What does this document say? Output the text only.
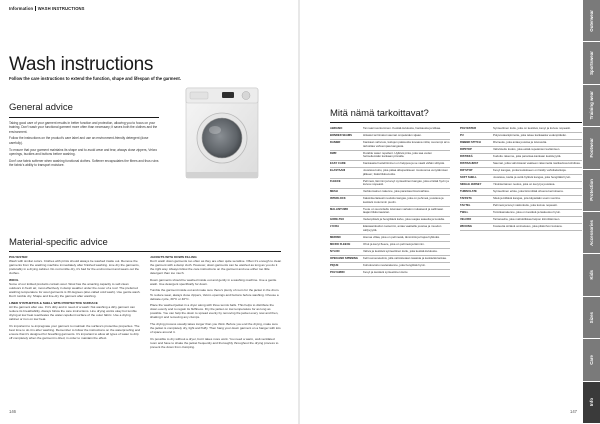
Information WASH INSTRUCTIONS
Wash instructions
Follow the care instructions to extend the function, shape and lifespan of the garment.
General advice

Taking good care of your garment results in better function and protection, allowing you to focus on your training. Don't wash your functional garment more often than necessary; it saves both the clothes and the environment.

Follow the instructions on the product's care label and use an environment-friendly detergent (dose carefully).

To ensure that your garment maintains its shape and to avoid wear and tear, always close zippers, Velcro openings, buckles and buttons before washing.

Don't use fabric softener when washing functional clothes. Softener encapsulates the fibres and thus ruins the fabric's ability to transport moisture.

Material-specific advice
POLYESTER
Wash with similar colors. Clothes with prints should always be washed inside out. Remove the garments from the washing machine immediately after finished washing. Line dry the garments, preferably in a drying cabinet. Do not tumble dry, it's bad for the environment and wears out the clothes.
WOOL
Some of our knitted products contain wool. Wool has the amazing capacity to self-clean outdoors in fresh air, most effectively in damp weather under the cover of a roof. The preferred washing temperature for wool garments is 30 degrees (also called cold wash). Use gentle wash. Don't tumble dry. Shape and line-dry the garment after washing.
LINED SYNTHETICS & SHELL WITH PROTECTIVE SURFACE
Air the garment after use. If it's dirty and in need of a wash: Not washing a dirty garment can reduce its breathability. Always follow the care instructions. Line drying works okay but tumble drying at low heat reactivates the water-repellent surface of the outer fabric. Use a drying cabinet or iron on low heat.
It's important to re-impregnate your garment to maintain the surface's protective properties. The best time to do it is after washing. Remember to follow the instructions on the waterproofing and ensure that it's designed for breathing garments. It's important to allow all types of water to drip off completely when the garment is dried, in order to maintain the effect.
JACKETS WITH DOWN FILLING
Don't wash down garments too often as they are often quite sensitive. Often it's enough to clean the garment with a damp cloth. However, down garments can be washed as long as you do it the right way. Always follow the care instructions on the garment and use either too little detergent than too much.
Down garments should be washed inside out and gently in a washing machine. Use a gentle wash. Use detergent specifically for down.
Tumble the garment inside out and make sure there's plenty of room for the jacket in the drum. To reduce wear, always close zippers, Velcro openings and buttons before washing. Choose a delicate cycle, 30°C or 40°C.
Place the washed jacket in a dryer along with three tennis balls. This helps to distribute the down evenly and to regain its fluffiness. Dry the jacket on low temperature for as long as possible. You can help the down to spread evenly by removing the jacket every now and then, shaking it and removing any clumps.
The drying process usually takes longer than you think. Before you end the drying, make sure the jacket is completely dry, light and fluffy. Then hang your down garment on a hanger with lots of space around it.
It's possible to dry without a dryer, but it takes more work. You need a warm, well-ventilated room and have to shake the jacket frequently and thoroughly throughout the drying process to prevent the down from clumping.
146
Mitä nämä tarkoittavat?
ABRASIO	Tai naarmuuntuminen. Kestää kulutusta, hankausta ja kitkaa.
BONDED SEAMS	Hitsatut tai liimatut saumat ompeleiden sijaan.
DANIER	Kankaan vahvuus, kuitujen paksuutta kuvaava mitta; suurempi arvo tarkoittaa vahvempaa kangasta.
DWR	Durable water repellent. Hylkivä pinta, joka saa veden helmeilemään kankaan pinnalla.
EASY CARE	Kankaasta huolehtiminen on helppoa ja se vaatii vähän silitystä.
ELASTAANI	Joustava kuitu, joka palaa alkuperäiseen muotoonsa venyttämisen jälkeen; lisää liikkuvuutta.
FLEECE	Pehmeä, lämmin ja kevyt synteettinen kangas, joka eristää hyvin ja kuivuu nopeasti.
MESH	Verkkomainen rakenne, joka parantaa ilmanvaihtoa.
INTERLOCK	Kaksinkertaisesti neulottu kangas, joka on pehmeä, joustava ja kestävä molemmin puolin.
MALLINTUMO	Tuote on suunniteltu istumaan vartalon mukaisesti ja sallimaan laajan liikkumavaran.
GORE-TEX	Vedenpitävä ja hengittävä kalvo, joka suojaa sateelta ja tuulelta.
LYCRA	Elastaanikuidun tuotenimi, antaa vaatteille joustoa ja muodon säilyvyyttä.
MERINO	Hienoa villaa, joka on pehmeää, lämmintä ja hajua hylkivää.
MICRO FLEECE	Ohut ja kevyt fleece, joka on pehmeä ja lämmin.
NYLON	Vahva ja kestävä synteettinen kuitu, joka kestää kulutusta.
OPEN-END SPINNING	Kehruumenetelmä, jolla valmistetaan tasaista ja kestävää lankaa.
PIQUE	Kohokuvioitu neulerakenne, joka hengittää hyvin.
POLYAMIDI	Kevyt ja kestävä synteettinen kuitu.
POLYESTER	Synteettinen kuitu, joka on kestävä, kevyt ja kuivuu nopeasti.
PU	Polyuretaanipinnoite, joka tekee kankaasta vedenpitävän.
RIBBED STITCH	Rivineule, joka antaa joustoa ja istuvuutta.
RIPSTOP	Vahvistettu kudos, joka estää repeämien leviämisen.
RISTIKKÄ	Kudottu rakenne, joka parantaa kankaan kestävyyttä.
RISTISAUMAT	Saumat, jotka vahvistavat vaatteen rakennetta rasittavissa kohdissa.
RIP STOP	Kevyt kangas, jonka kudokseen on lisätty vahvikelankoja.
SOFT SHELL	Joustava, tuulta ja vettä hylkivä kangas, joka hengittää hyvin.
SINGLE JERSEY	Yksinkertainen neulos, joka on kevyt ja joustava.
THINSULATE	Synteettinen eriste, joka lämmittää ohuena kerroksena.
TAFFETA	Sileä ja kiiltävä kangas, jota käytetään usein vuorina.
TACTEL	Pehmeä ja kevyt nailonkuitu, joka kuivuu nopeasti.
TWILL	Toimikasrakenne, joka on kestävä ja laskeutuu hyvin.
VELCRO	Tarranauha, joka mahdollistaa helpon kiinnittämisen.
WICKING	Kosteutta siirtävä ominaisuus, joka pitää ihon kuivana.
147
Outerwear
Sportswear
Training wear
Footwear
Protection
Accessories
Kids
Sizes
Care
Info
